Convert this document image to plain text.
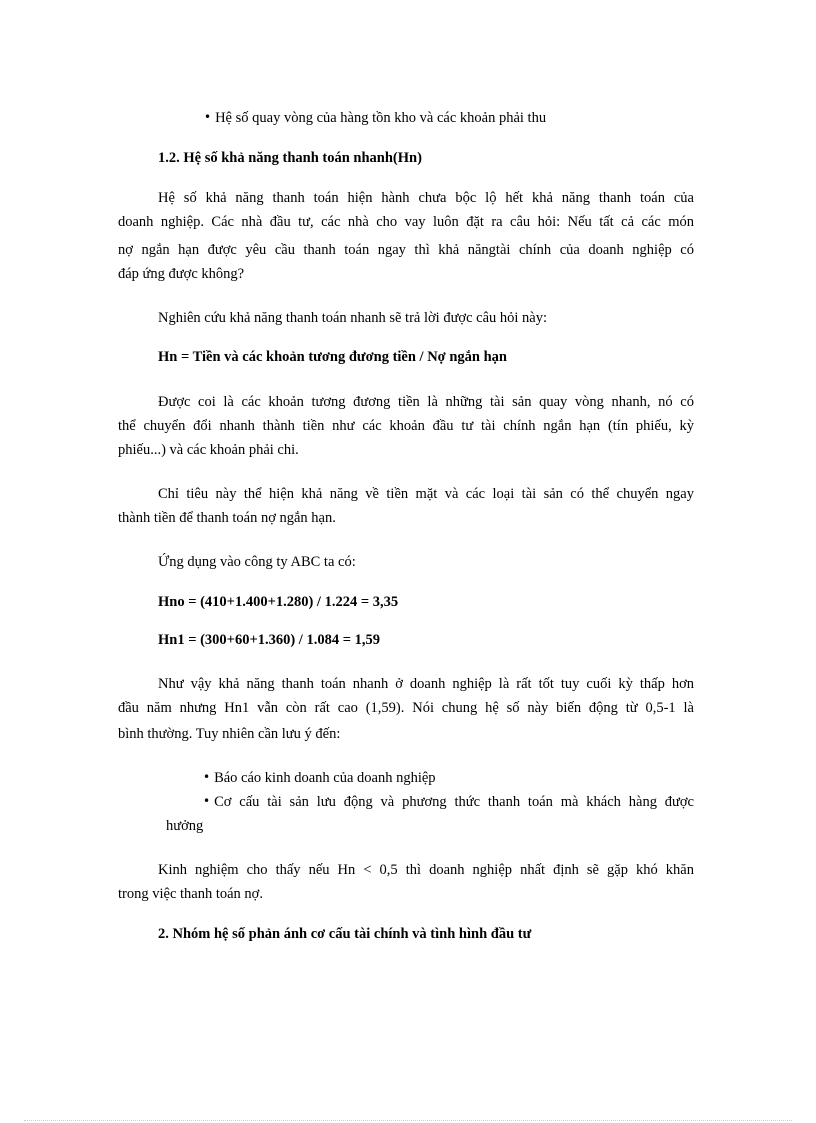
• Hệ số quay vòng của hàng tồn kho và các khoản phải thu
1.2. Hệ số khả năng thanh toán nhanh(Hn)
Hệ số khả năng thanh toán hiện hành chưa bộc lộ hết khả năng thanh toán của
doanh nghiệp. Các nhà đầu tư, các nhà cho vay luôn đặt ra câu hỏi: Nếu tất cả các món
nợ ngắn hạn được yêu cầu thanh toán ngay thì khả năngtài chính của doanh nghiệp có
đáp ứng được không?
Nghiên cứu khả năng thanh toán nhanh sẽ trả lời được câu hỏi này:
Hn = Tiền và các khoản tương đương tiền / Nợ ngắn hạn
Được coi là các khoản tương đương tiền là những tài sản quay vòng nhanh, nó có
thể chuyển đổi nhanh thành tiền như các khoản đầu tư tài chính ngắn hạn (tín phiếu, kỳ
phiếu...) và các khoản phải chi.
Chỉ tiêu này thể hiện khả năng về tiền mặt và các loại tài sản có thể chuyển ngay
thành tiền để thanh toán nợ ngắn hạn.
Ứng dụng vào công ty ABC ta có:
Hno = (410+1.400+1.280) / 1.224 = 3,35
Hn1 = (300+60+1.360) / 1.084 = 1,59
Như vậy khả năng thanh toán nhanh ở doanh nghiệp là rất tốt tuy cuối kỳ thấp hơn
đầu năm nhưng Hn1 vẫn còn rất cao (1,59). Nói chung hệ số này biến động từ 0,5-1 là
bình thường. Tuy nhiên cần lưu ý đến:
• Báo cáo kinh doanh của doanh nghiệp
• Cơ cấu tài sản lưu động và phương thức thanh toán mà khách hàng được
hưởng
Kinh nghiệm cho thấy nếu Hn < 0,5 thì doanh nghiệp nhất định sẽ gặp khó khăn
trong việc thanh toán nợ.
2. Nhóm hệ số phản ánh cơ cấu tài chính và tình hình đầu tư
